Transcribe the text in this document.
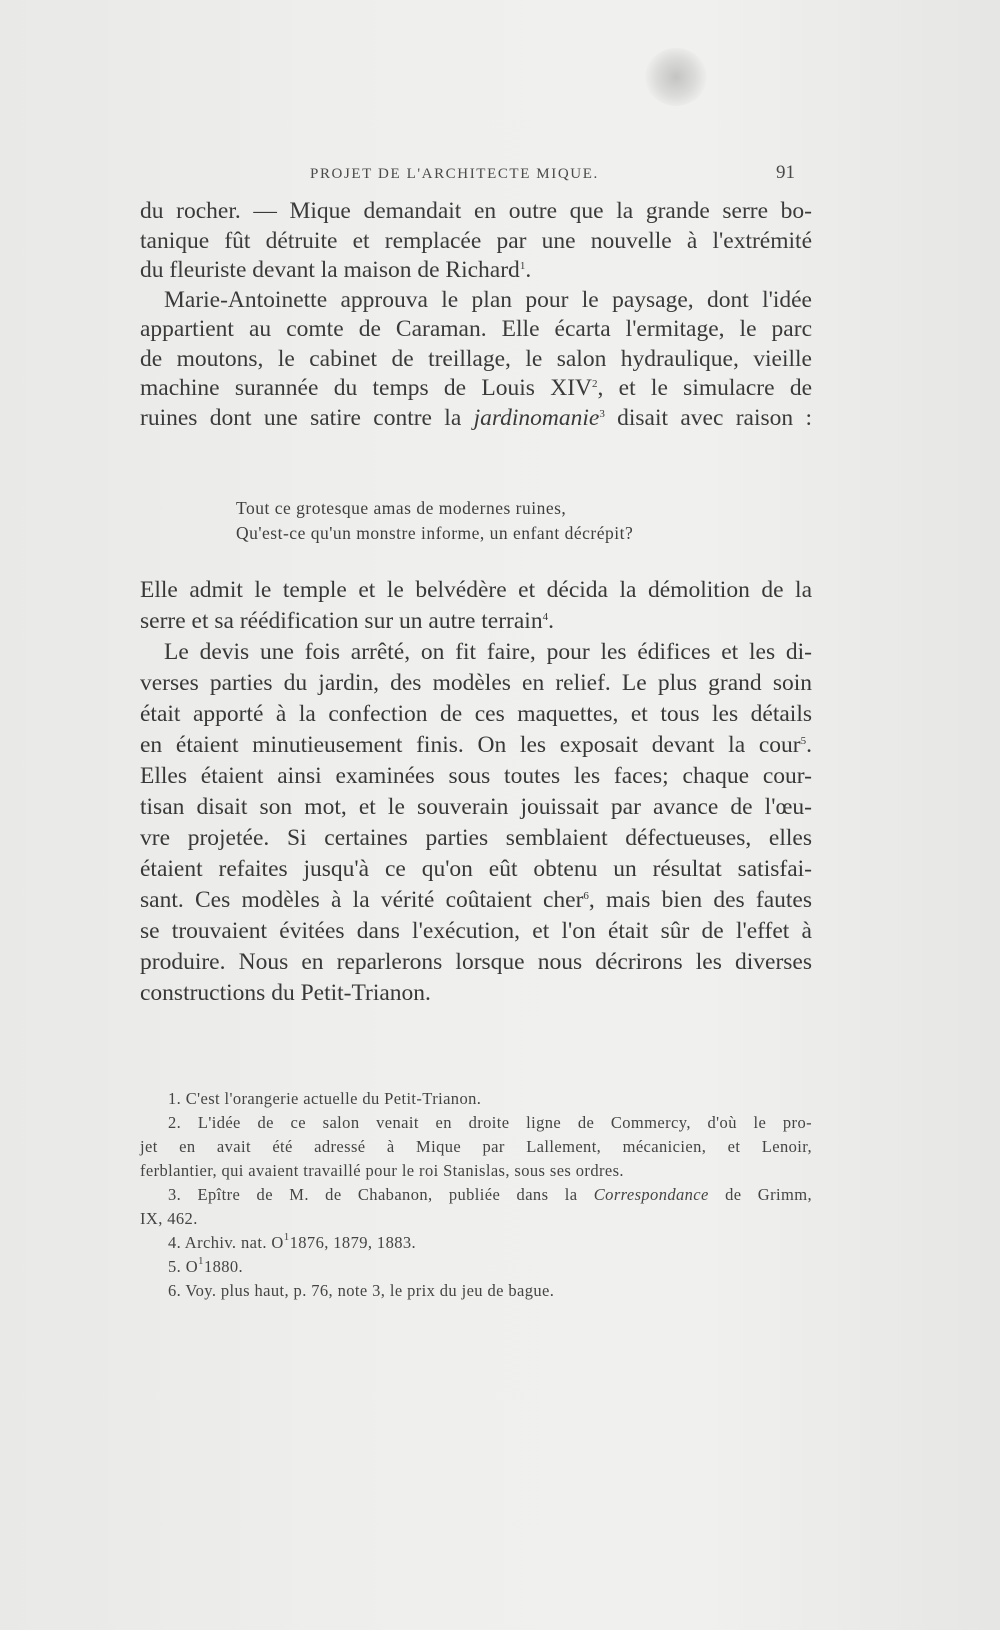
PROJET DE L'ARCHITECTE MIQUE.	91
du rocher. — Mique demandait en outre que la grande serre bo-
tanique fût détruite et remplacée par une nouvelle à l'extrémité
du fleuriste devant la maison de Richard$^1$.
Marie-Antoinette approuva le plan pour le paysage, dont l'idée
appartient au comte de Caraman. Elle écarta l'ermitage, le parc
de moutons, le cabinet de treillage, le salon hydraulique, vieille
machine surannée du temps de Louis XIV$^2$, et le simulacre de
ruines dont une satire contre la jardinomanie$^3$ disait avec raison :
Tout ce grotesque amas de modernes ruines,
Qu'est-ce qu'un monstre informe, un enfant décrépit?
Elle admit le temple et le belvédère et décida la démolition de la
serre et sa réédification sur un autre terrain$^4$.
Le devis une fois arrêté, on fit faire, pour les édifices et les di-
verses parties du jardin, des modèles en relief. Le plus grand soin
était apporté à la confection de ces maquettes, et tous les détails
en étaient minutieusement finis. On les exposait devant la cour$^5$.
Elles étaient ainsi examinées sous toutes les faces; chaque cour-
tisan disait son mot, et le souverain jouissait par avance de l'œu-
vre projetée. Si certaines parties semblaient défectueuses, elles
étaient refaites jusqu'à ce qu'on eût obtenu un résultat satisfai-
sant. Ces modèles à la vérité coûtaient cher$^6$, mais bien des fautes
se trouvaient évitées dans l'exécution, et l'on était sûr de l'effet à
produire. Nous en reparlerons lorsque nous décrirons les diverses
constructions du Petit-Trianon.
1. C'est l'orangerie actuelle du Petit-Trianon.
2. L'idée de ce salon venait en droite ligne de Commercy, d'où le pro-
jet en avait été adressé à Mique par Lallement, mécanicien, et Lenoir,
ferblantier, qui avaient travaillé pour le roi Stanislas, sous ses ordres.
3. Epître de M. de Chabanon, publiée dans la Correspondance de Grimm,
IX, 462.
4. Archiv. nat. $O^11876$, 1879, 1883.
5. $O^11880$.
6. Voy. plus haut, p. 76, note 3, le prix du jeu de bague.
